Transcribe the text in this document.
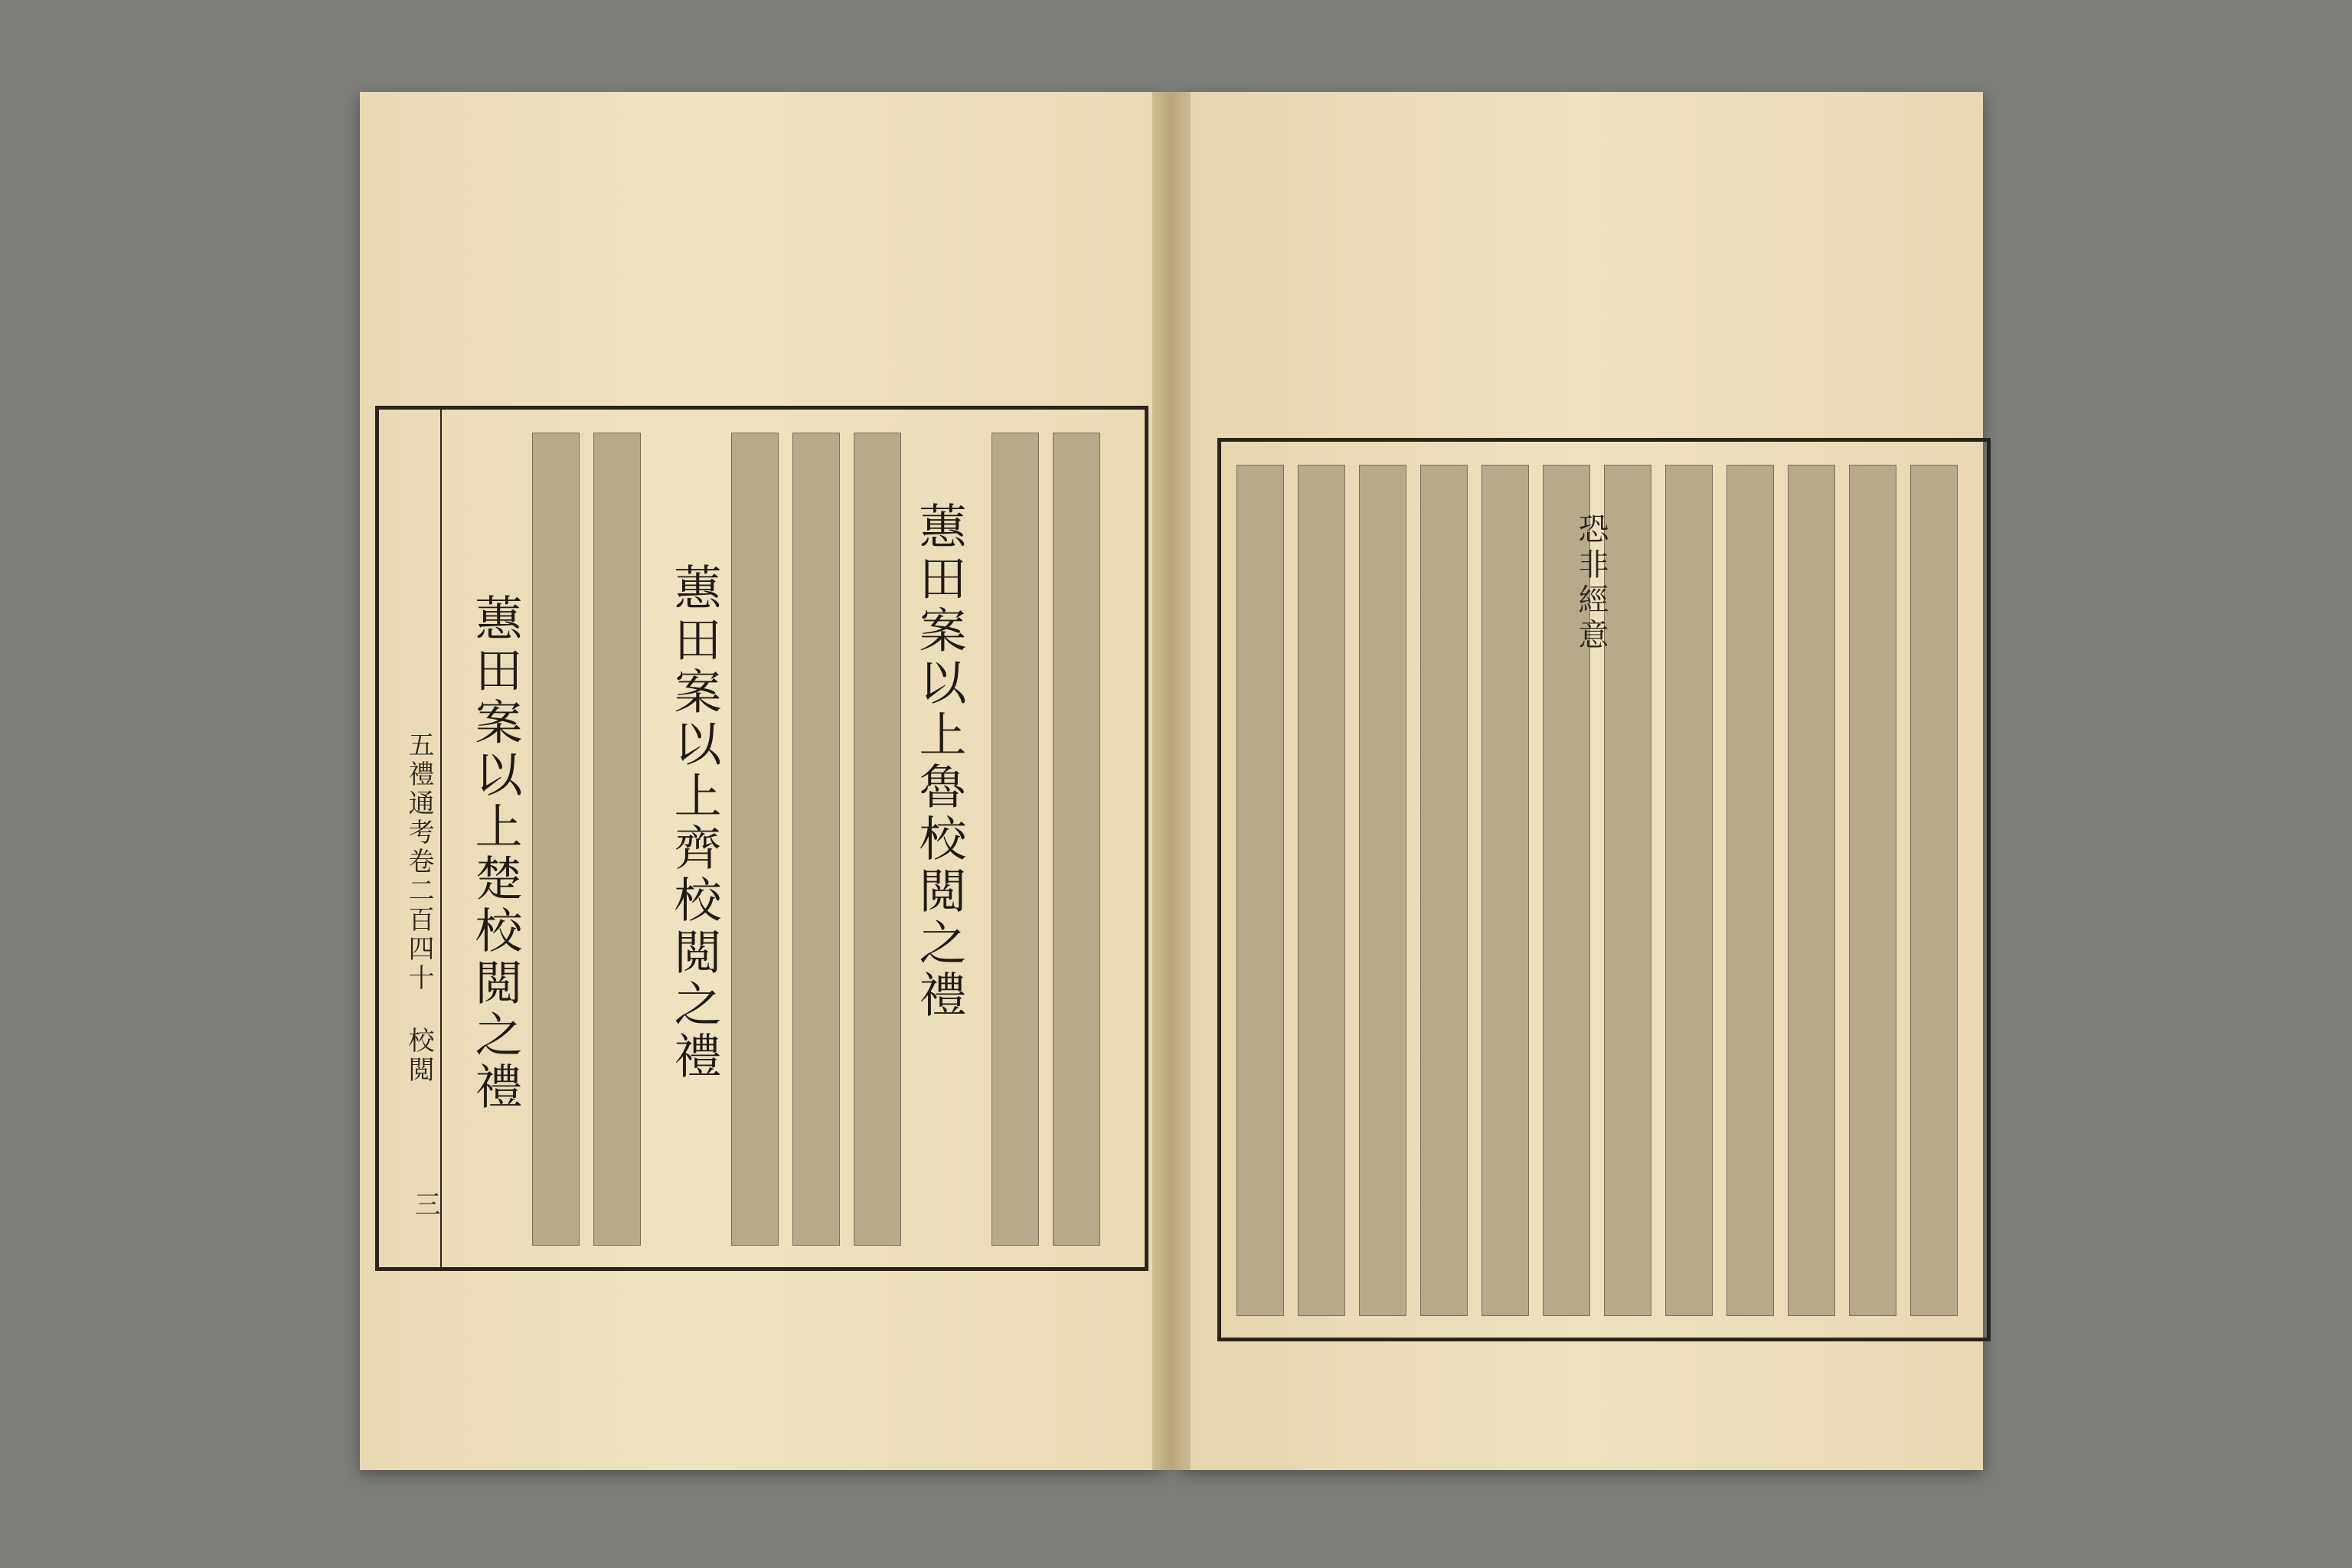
五禮通考卷二百四十 校閲
三
蕙田案以上楚校閲之禮	蕙田案以上齊校閲之禮	蕙田案以上魯校閲之禮	恐非經意
